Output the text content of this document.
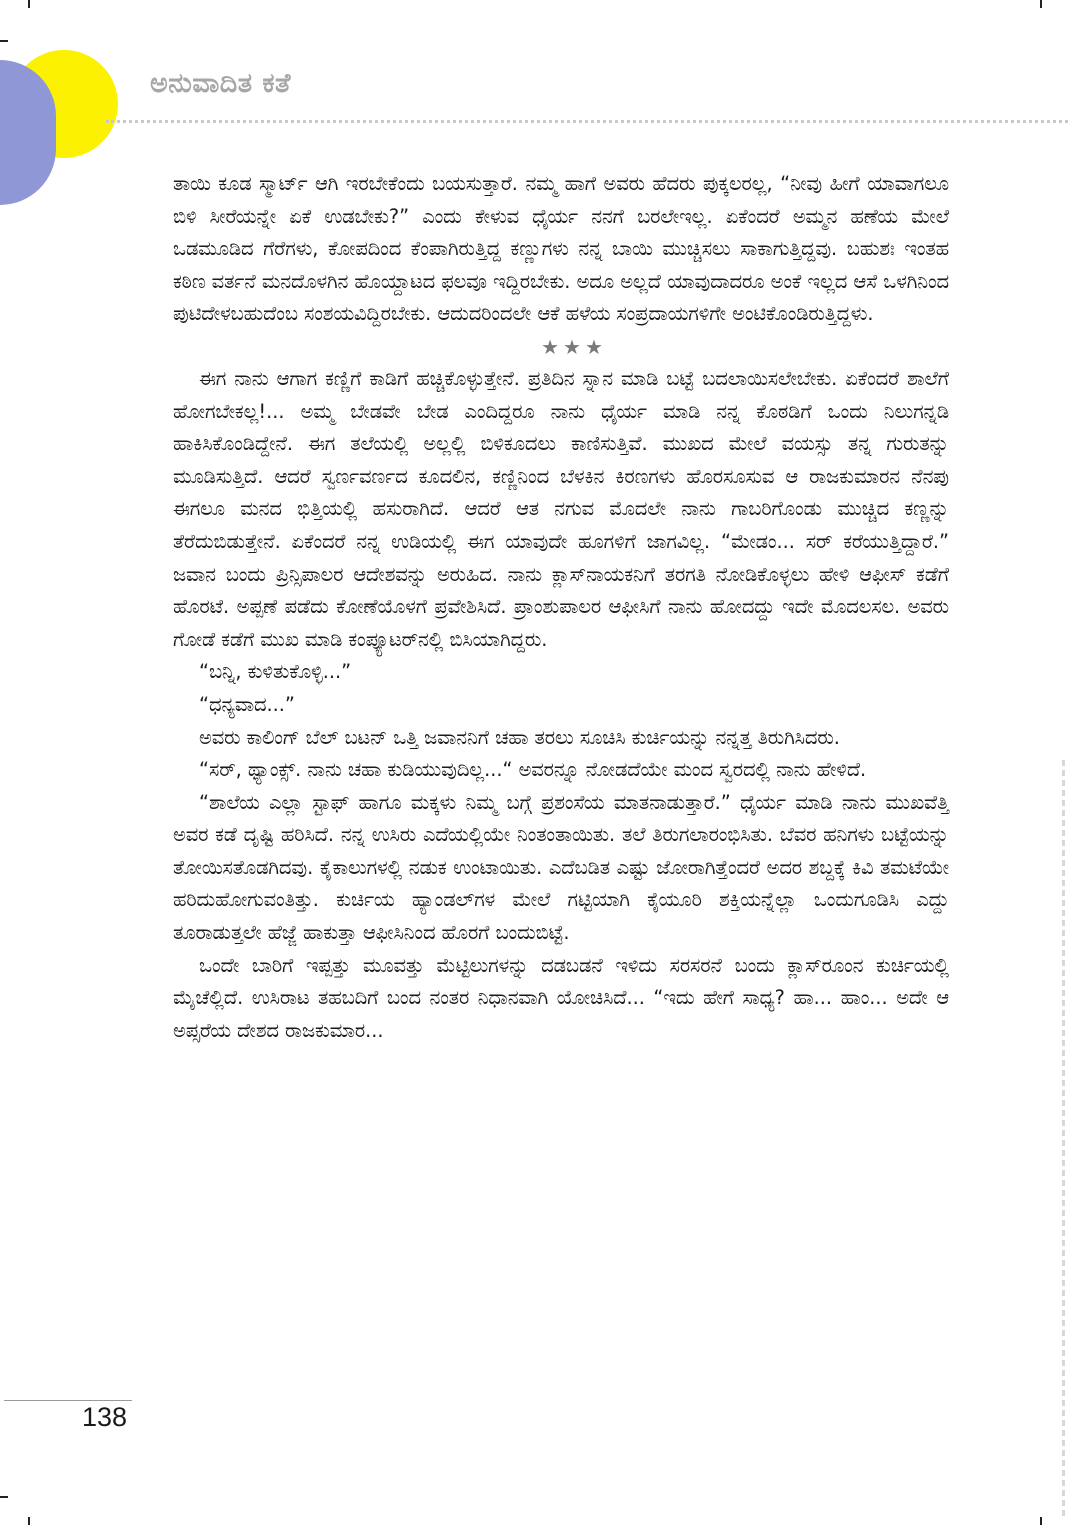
ಅನುವಾದಿತ ಕತೆ

ತಾಯಿ ಕೂಡ ಸ್ಮಾರ್ಟ್ ಆಗಿ ಇರಬೇಕೆಂದು ಬಯಸುತ್ತಾರೆ. ನಮ್ಮ ಹಾಗೆ ಅವರು ಹೆದರು ಪುಕ್ಕಲರಲ್ಲ, “ನೀವು ಹೀಗೆ ಯಾವಾಗಲೂ ಬಿಳಿ ಸೀರೆಯನ್ನೇ ಏಕೆ ಉಡಬೇಕು?” ಎಂದು ಕೇಳುವ ಧೈರ್ಯ ನನಗೆ ಬರಲೇಇಲ್ಲ. ಏಕೆಂದರೆ ಅಮ್ಮನ ಹಣೆಯ ಮೇಲೆ ಒಡಮೂಡಿದ ಗೆರೆಗಳು, ಕೋಪದಿಂದ ಕೆಂಪಾಗಿರುತ್ತಿದ್ದ ಕಣ್ಣುಗಳು ನನ್ನ ಬಾಯಿ ಮುಚ್ಚಿಸಲು ಸಾಕಾಗುತ್ತಿದ್ದವು. ಬಹುಶಃ ಇಂತಹ ಕಠಿಣ ವರ್ತನೆ ಮನದೊಳಗಿನ ಹೊಯ್ದಾಟದ ಫಲವೂ ಇದ್ದಿರಬೇಕು. ಅದೂ ಅಲ್ಲದೆ ಯಾವುದಾದರೂ ಅಂಕೆ ಇಲ್ಲದ ಆಸೆ ಒಳಗಿನಿಂದ ಪುಟಿದೇಳಬಹುದೆಂಬ ಸಂಶಯವಿದ್ದಿರಬೇಕು. ಆದುದರಿಂದಲೇ ಆಕೆ ಹಳೆಯ ಸಂಪ್ರದಾಯಗಳಿಗೇ ಅಂಟಿಕೊಂಡಿರುತ್ತಿದ್ದಳು.

★★★

ಈಗ ನಾನು ಆಗಾಗ ಕಣ್ಣಿಗೆ ಕಾಡಿಗೆ ಹಚ್ಚಿಕೊಳ್ಳುತ್ತೇನೆ. ಪ್ರತಿದಿನ ಸ್ನಾನ ಮಾಡಿ ಬಟ್ಟೆ ಬದಲಾಯಿಸಲೇಬೇಕು. ಏಕೆಂದರೆ ಶಾಲೆಗೆ ಹೋಗಬೇಕಲ್ಲ!... ಅಮ್ಮ ಬೇಡವೇ ಬೇಡ ಎಂದಿದ್ದರೂ ನಾನು ಧೈರ್ಯ ಮಾಡಿ ನನ್ನ ಕೊಠಡಿಗೆ ಒಂದು ನಿಲುಗನ್ನಡಿ ಹಾಕಿಸಿಕೊಂಡಿದ್ದೇನೆ. ಈಗ ತಲೆಯಲ್ಲಿ ಅಲ್ಲಲ್ಲಿ ಬಿಳಿಕೂದಲು ಕಾಣಿಸುತ್ತಿವೆ. ಮುಖದ ಮೇಲೆ ವಯಸ್ಸು ತನ್ನ ಗುರುತನ್ನು ಮೂಡಿಸುತ್ತಿದೆ. ಆದರೆ ಸ್ವರ್ಣವರ್ಣದ ಕೂದಲಿನ, ಕಣ್ಣಿನಿಂದ ಬೆಳಕಿನ ಕಿರಣಗಳು ಹೊರಸೂಸುವ ಆ ರಾಜಕುಮಾರನ ನೆನಪು ಈಗಲೂ ಮನದ ಭಿತ್ತಿಯಲ್ಲಿ ಹಸುರಾಗಿದೆ. ಆದರೆ ಆತ ನಗುವ ಮೊದಲೇ ನಾನು ಗಾಬರಿಗೊಂಡು ಮುಚ್ಚಿದ ಕಣ್ಣನ್ನು ತೆರೆದುಬಿಡುತ್ತೇನೆ. ಏಕೆಂದರೆ ನನ್ನ ಉಡಿಯಲ್ಲಿ ಈಗ ಯಾವುದೇ ಹೂಗಳಿಗೆ ಜಾಗವಿಲ್ಲ. “ಮೇಡಂ... ಸರ್ ಕರೆಯುತ್ತಿದ್ದಾರೆ.” ಜವಾನ ಬಂದು ಪ್ರಿನ್ಸಿಪಾಲರ ಆದೇಶವನ್ನು ಅರುಹಿದ. ನಾನು ಕ್ಲಾಸ್‌ನಾಯಕನಿಗೆ ತರಗತಿ ನೋಡಿಕೊಳ್ಳಲು ಹೇಳಿ ಆಫೀಸ್ ಕಡೆಗೆ ಹೊರಟೆ. ಅಪ್ಪಣೆ ಪಡೆದು ಕೋಣೆಯೊಳಗೆ ಪ್ರವೇಶಿಸಿದೆ. ಪ್ರಾಂಶುಪಾಲರ ಆಫೀಸಿಗೆ ನಾನು ಹೋದದ್ದು ಇದೇ ಮೊದಲಸಲ. ಅವರು ಗೋಡೆ ಕಡೆಗೆ ಮುಖ ಮಾಡಿ ಕಂಪ್ಯೂಟರ್‌ನಲ್ಲಿ ಬಿಸಿಯಾಗಿದ್ದರು.

“ಬನ್ನಿ, ಕುಳಿತುಕೊಳ್ಳಿ...”

“ಧನ್ಯವಾದ...”

ಅವರು ಕಾಲಿಂಗ್ ಬೆಲ್ ಬಟನ್ ಒತ್ತಿ ಜವಾನನಿಗೆ ಚಹಾ ತರಲು ಸೂಚಿಸಿ ಕುರ್ಚಿಯನ್ನು ನನ್ನತ್ತ ತಿರುಗಿಸಿದರು.

“ಸರ್, ಥ್ಯಾಂಕ್ಸ್. ನಾನು ಚಹಾ ಕುಡಿಯುವುದಿಲ್ಲ...“ ಅವರನ್ನೂ ನೋಡದೆಯೇ ಮಂದ ಸ್ವರದಲ್ಲಿ ನಾನು ಹೇಳಿದೆ.

“ಶಾಲೆಯ ಎಲ್ಲಾ ಸ್ಟಾಫ್ ಹಾಗೂ ಮಕ್ಕಳು ನಿಮ್ಮ ಬಗ್ಗೆ ಪ್ರಶಂಸೆಯ ಮಾತನಾಡುತ್ತಾರೆ.” ಧೈರ್ಯ ಮಾಡಿ ನಾನು ಮುಖವೆತ್ತಿ ಅವರ ಕಡೆ ದೃಷ್ಟಿ ಹರಿಸಿದೆ. ನನ್ನ ಉಸಿರು ಎದೆಯಲ್ಲಿಯೇ ನಿಂತಂತಾಯಿತು. ತಲೆ ತಿರುಗಲಾರಂಭಿಸಿತು. ಬೆವರ ಹನಿಗಳು ಬಟ್ಟೆಯನ್ನು ತೋಯಿಸತೊಡಗಿದವು. ಕೈಕಾಲುಗಳಲ್ಲಿ ನಡುಕ ಉಂಟಾಯಿತು. ಎದೆಬಡಿತ ಎಷ್ಟು ಜೋರಾಗಿತ್ತೆಂದರೆ ಅದರ ಶಬ್ದಕ್ಕೆ ಕಿವಿ ತಮಟೆಯೇ ಹರಿದುಹೋಗುವಂತಿತ್ತು. ಕುರ್ಚಿಯ ಹ್ಯಾಂಡಲ್‌ಗಳ ಮೇಲೆ ಗಟ್ಟಿಯಾಗಿ ಕೈಯೂರಿ ಶಕ್ತಿಯನ್ನೆಲ್ಲಾ ಒಂದುಗೂಡಿಸಿ ಎದ್ದು ತೂರಾಡುತ್ತಲೇ ಹೆಜ್ಜೆ ಹಾಕುತ್ತಾ ಆಫೀಸಿನಿಂದ ಹೊರಗೆ ಬಂದುಬಿಟ್ಟೆ.

ಒಂದೇ ಬಾರಿಗೆ ಇಪ್ಪತ್ತು ಮೂವತ್ತು ಮೆಟ್ಟಿಲುಗಳನ್ನು ದಡಬಡನೆ ಇಳಿದು ಸರಸರನೆ ಬಂದು ಕ್ಲಾಸ್‌ರೂಂನ ಕುರ್ಚಿಯಲ್ಲಿ ಮೈಚೆಲ್ಲಿದೆ. ಉಸಿರಾಟ ತಹಬದಿಗೆ ಬಂದ ನಂತರ ನಿಧಾನವಾಗಿ ಯೋಚಿಸಿದೆ... “ಇದು ಹೇಗೆ ಸಾಧ್ಯ? ಹಾ... ಹಾಂ... ಅದೇ ಆ ಅಪ್ಸರೆಯ ದೇಶದ ರಾಜಕುಮಾರ...

138
